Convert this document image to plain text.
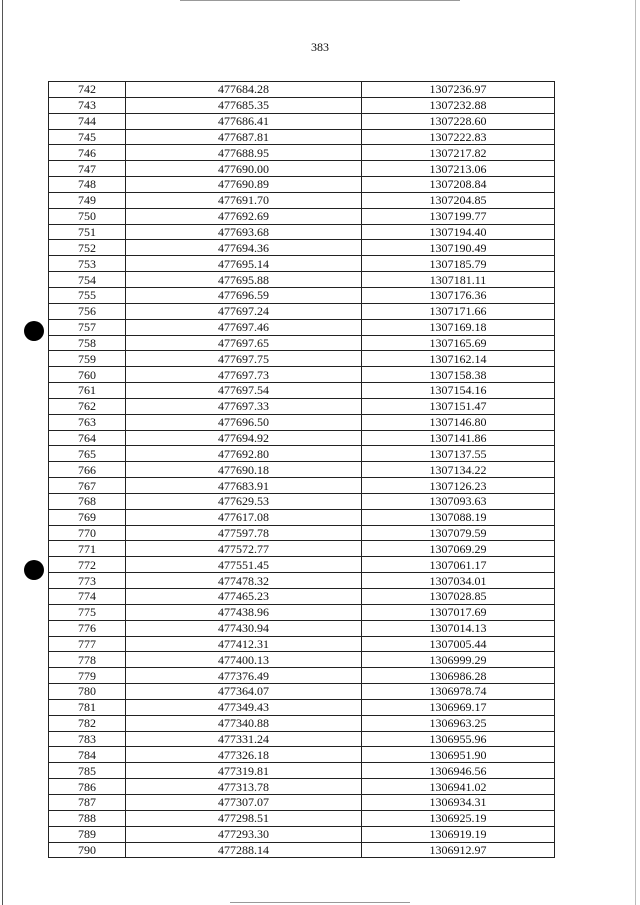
383
742	477684.28	1307236.97
743	477685.35	1307232.88
744	477686.41	1307228.60
745	477687.81	1307222.83
746	477688.95	1307217.82
747	477690.00	1307213.06
748	477690.89	1307208.84
749	477691.70	1307204.85
750	477692.69	1307199.77
751	477693.68	1307194.40
752	477694.36	1307190.49
753	477695.14	1307185.79
754	477695.88	1307181.11
755	477696.59	1307176.36
756	477697.24	1307171.66
757	477697.46	1307169.18
758	477697.65	1307165.69
759	477697.75	1307162.14
760	477697.73	1307158.38
761	477697.54	1307154.16
762	477697.33	1307151.47
763	477696.50	1307146.80
764	477694.92	1307141.86
765	477692.80	1307137.55
766	477690.18	1307134.22
767	477683.91	1307126.23
768	477629.53	1307093.63
769	477617.08	1307088.19
770	477597.78	1307079.59
771	477572.77	1307069.29
772	477551.45	1307061.17
773	477478.32	1307034.01
774	477465.23	1307028.85
775	477438.96	1307017.69
776	477430.94	1307014.13
777	477412.31	1307005.44
778	477400.13	1306999.29
779	477376.49	1306986.28
780	477364.07	1306978.74
781	477349.43	1306969.17
782	477340.88	1306963.25
783	477331.24	1306955.96
784	477326.18	1306951.90
785	477319.81	1306946.56
786	477313.78	1306941.02
787	477307.07	1306934.31
788	477298.51	1306925.19
789	477293.30	1306919.19
790	477288.14	1306912.97
